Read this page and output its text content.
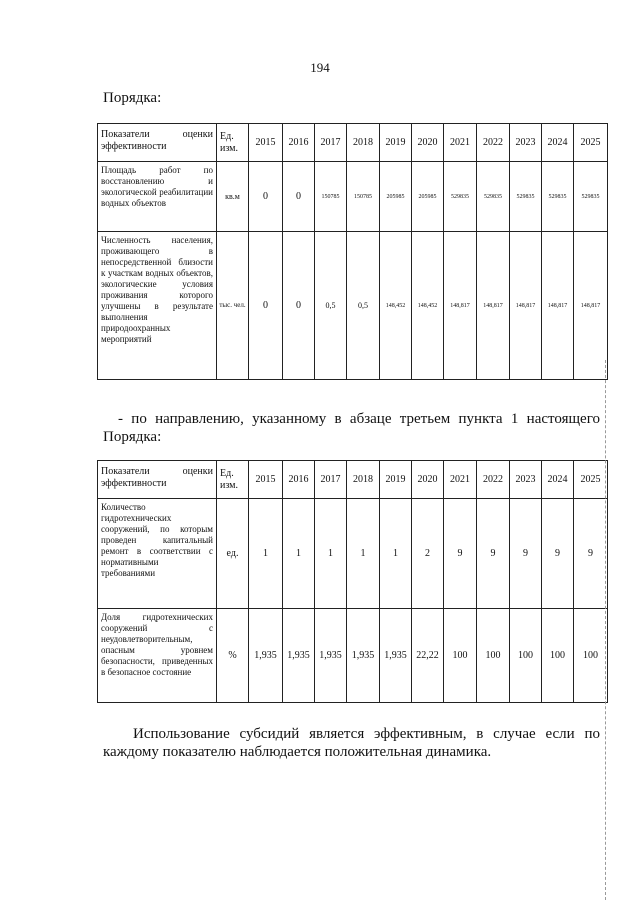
194
Порядка:
Показатели оценки
эффективности	Ед. изм.	2015	2016	2017	2018	2019	2020	2021	2022	2023	2024	2025
Площадь работ по восстановлению и экологической реабилитации водных объектов	кв.м	0	0	150785	150785	205985	205985	529835	529835	529835	529835	529835
Численность населения, проживающего в непосредственной близости к участкам водных объектов, экологические условия проживания которого улучшены в результате выполнения природоохранных мероприятий	тыс. чел.	0	0	0,5	0,5	148,452	148,452	148,817	148,817	148,817	148,817	148,817
- по направлению, указанному в абзаце третьем пункта 1 настоящего
Порядка:
Показатели оценки
эффективности	Ед. изм.	2015	2016	2017	2018	2019	2020	2021	2022	2023	2024	2025
Количество гидротехнических сооружений, по которым проведен капитальный ремонт в соответствии с нормативными требованиями	ед.	1	1	1	1	1	2	9	9	9	9	9
Доля гидротехнических сооружений с неудовлетворительным, опасным уровнем безопасности, приведенных в безопасное состояние	%	1,935	1,935	1,935	1,935	1,935	22,22	100	100	100	100	100
Использование субсидий является эффективным, в случае если по
каждому показателю наблюдается положительная динамика.
